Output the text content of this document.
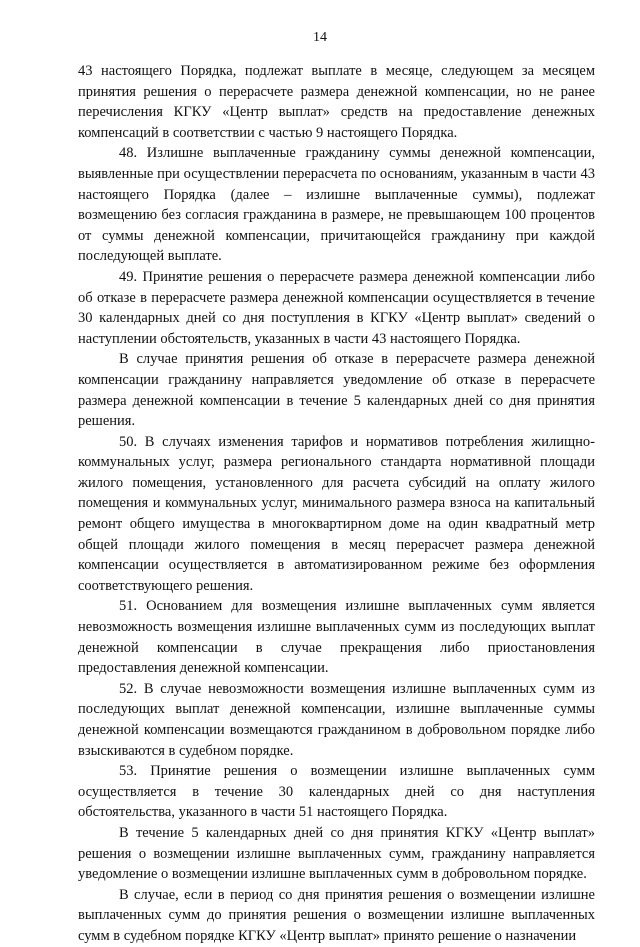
14

43 настоящего Порядка, подлежат выплате в месяце, следующем за месяцем принятия решения о перерасчете размера денежной компенсации, но не ранее перечисления КГКУ «Центр выплат» средств на предоставление денежных компенсаций в соответствии с частью 9 настоящего Порядка.

48. Излишне выплаченные гражданину суммы денежной компенсации, выявленные при осуществлении перерасчета по основаниям, указанным в части 43 настоящего Порядка (далее – излишне выплаченные суммы), подлежат возмещению без согласия гражданина в размере, не превышающем 100 процентов от суммы денежной компенсации, причитающейся гражданину при каждой последующей выплате.

49. Принятие решения о перерасчете размера денежной компенсации либо об отказе в перерасчете размера денежной компенсации осуществляется в течение 30 календарных дней со дня поступления в КГКУ «Центр выплат» сведений о наступлении обстоятельств, указанных в части 43 настоящего Порядка.

В случае принятия решения об отказе в перерасчете размера денежной компенсации гражданину направляется уведомление об отказе в перерасчете размера денежной компенсации в течение 5 календарных дней со дня принятия решения.

50. В случаях изменения тарифов и нормативов потребления жилищно-коммунальных услуг, размера регионального стандарта нормативной площади жилого помещения, установленного для расчета субсидий на оплату жилого помещения и коммунальных услуг, минимального размера взноса на капитальный ремонт общего имущества в многоквартирном доме на один квадратный метр общей площади жилого помещения в месяц перерасчет размера денежной компенсации осуществляется в автоматизированном режиме без оформления соответствующего решения.

51. Основанием для возмещения излишне выплаченных сумм является невозможность возмещения излишне выплаченных сумм из последующих выплат денежной компенсации в случае прекращения либо приостановления предоставления денежной компенсации.

52. В случае невозможности возмещения излишне выплаченных сумм из последующих выплат денежной компенсации, излишне выплаченные суммы денежной компенсации возмещаются гражданином в добровольном порядке либо взыскиваются в судебном порядке.

53. Принятие решения о возмещении излишне выплаченных сумм осуществляется в течение 30 календарных дней со дня наступления обстоятельства, указанного в части 51 настоящего Порядка.

В течение 5 календарных дней со дня принятия КГКУ «Центр выплат» решения о возмещении излишне выплаченных сумм, гражданину направляется уведомление о возмещении излишне выплаченных сумм в добровольном порядке.

В случае, если в период со дня принятия решения о возмещении излишне выплаченных сумм до принятия решения о возмещении излишне выплаченных сумм в судебном порядке КГКУ «Центр выплат» принято решение о назначении
